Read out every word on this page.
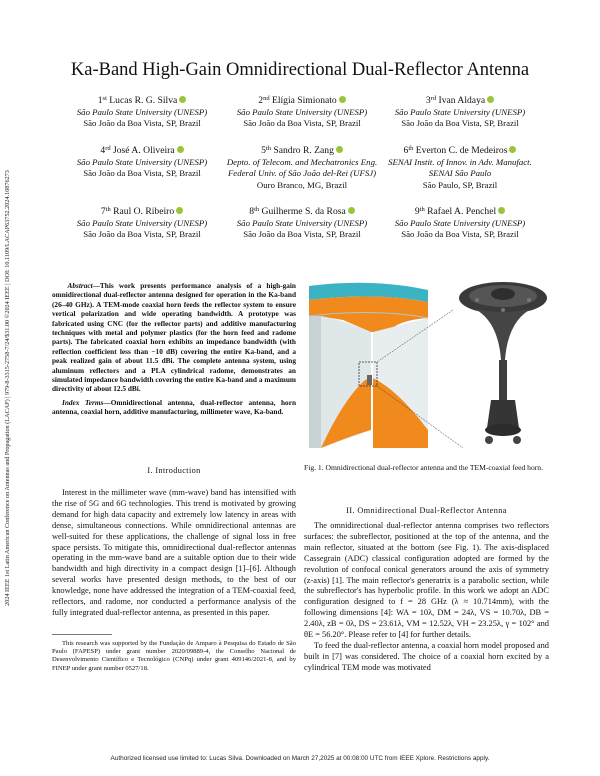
2024 IEEE 1st Latin American Conference on Antennas and Propagation (LACAP) | 979-8-3315-2758-7/24/$31.00 ©2024 IEEE | DOI: 10.1109/LACAP63752.2024.10876273
Ka-Band High-Gain Omnidirectional Dual-Reflector Antenna
1st Lucas R. G. Silva
São Paulo State University (UNESP)
São João da Boa Vista, SP, Brazil
2nd Elígia Simionato
São Paulo State University (UNESP)
São João da Boa Vista, SP, Brazil
3rd Ivan Aldaya
São Paulo State University (UNESP)
São João da Boa Vista, SP, Brazil
4rd José A. Oliveira
São Paulo State University (UNESP)
São João da Boa Vista, SP, Brazil
5th Sandro R. Zang
Depto. of Telecom. and Mechatronics Eng.
Federal Univ. of São João del-Rei (UFSJ)
Ouro Branco, MG, Brazil
6th Everton C. de Medeiros
SENAI Instit. of Innov. in Adv. Manufact.
SENAI São Paulo
São Paulo, SP, Brazil
7th Raul O. Ribeiro
São Paulo State University (UNESP)
São João da Boa Vista, SP, Brazil
8th Guilherme S. da Rosa
São Paulo State University (UNESP)
São João da Boa Vista, SP, Brazil
9th Rafael A. Penchel
São Paulo State University (UNESP)
São João da Boa Vista, SP, Brazil
Abstract—This work presents performance analysis of a high-gain omnidirectional dual-reflector antenna designed for operation in the Ka-band (26–40 GHz). A TEM-mode coaxial horn feeds the reflector system to ensure vertical polarization and wide operating bandwidth. A prototype was fabricated using CNC (for the reflector parts) and additive manufacturing techniques with metal and polymer plastics (for the horn feed and radome parts). The fabricated coaxial horn exhibits an impedance bandwidth (with reflection coefficient less than −10 dB) covering the entire Ka-band, and a peak realized gain of about 11.5 dBi. The complete antenna system, using aluminum reflectors and a PLA cylindrical radome, demonstrates an simulated impedance bandwidth covering the entire Ka-band and a maximum directivity of about 12.5 dBi.
Index Terms—Omnidirectional antenna, dual-reflector antenna, horn antenna, coaxial horn, additive manufacturing, millimeter wave, Ka-band.
I. Introduction

Interest in the millimeter wave (mm-wave) band has intensified with the rise of 5G and 6G technologies. This trend is motivated by growing demand for high data capacity and extremely low latency in areas with dense, simultaneous connections. While omnidirectional antennas are well-suited for these applications, the challenge of signal loss in free space persists. To mitigate this, omnidirectional dual-reflector antennas operating in the mm-wave band are a suitable option due to their wide bandwidth and high directivity in a compact design [1]–[6]. Although several works have presented design methods, to the best of our knowledge, none have addressed the integration of a TEM-coaxial feed, reflectors, and radome, nor conducted a performance analysis of the fully integrated dual-reflector antenna, as presented in this paper.

This research was supported by the Fundação de Amparo à Pesquisa do Estado de São Paulo (FAPESP) under grant number 2020/09889-4, the Conselho Nacional de Desenvolvimento Científico e Tecnológico (CNPq) under grant 409146/2021-8, and by FINEP under grant number 0527/18.
Fig. 1. Omnidirectional dual-reflector antenna and the TEM-coaxial feed horn.
II. Omnidirectional Dual-Reflector Antenna

The omnidirectional dual-reflector antenna comprises two reflectors surfaces: the subreflector, positioned at the top of the antenna, and the main reflector, situated at the bottom (see Fig. 1). The axis-displaced Cassegrain (ADC) classical configuration adopted are formed by the revolution of confocal conical generators around the axis of symmetry (z-axis) [1]. The main reflector's generatrix is a parabolic section, while the subreflector's has hyperbolic profile. In this work we adopt an ADC configuration designed to f = 28 GHz (λ ≈ 10.714mm), with the following dimensions [4]: WA = 10λ, DM = 24λ, VS = 10.70λ, DB = 2.40λ, zB = 0λ, DS = 23.61λ, VM = 12.52λ, VH = 23.25λ, γ = 102° and θE = 56.20°. Please refer to [4] for further details.

To feed the dual-reflector antenna, a coaxial horn model proposed and built in [7] was considered. The choice of a coaxial horn excited by a cylindrical TEM mode was motivated

Authorized licensed use limited to: Lucas Silva. Downloaded on March 27,2025 at 00:08:00 UTC from IEEE Xplore. Restrictions apply.
